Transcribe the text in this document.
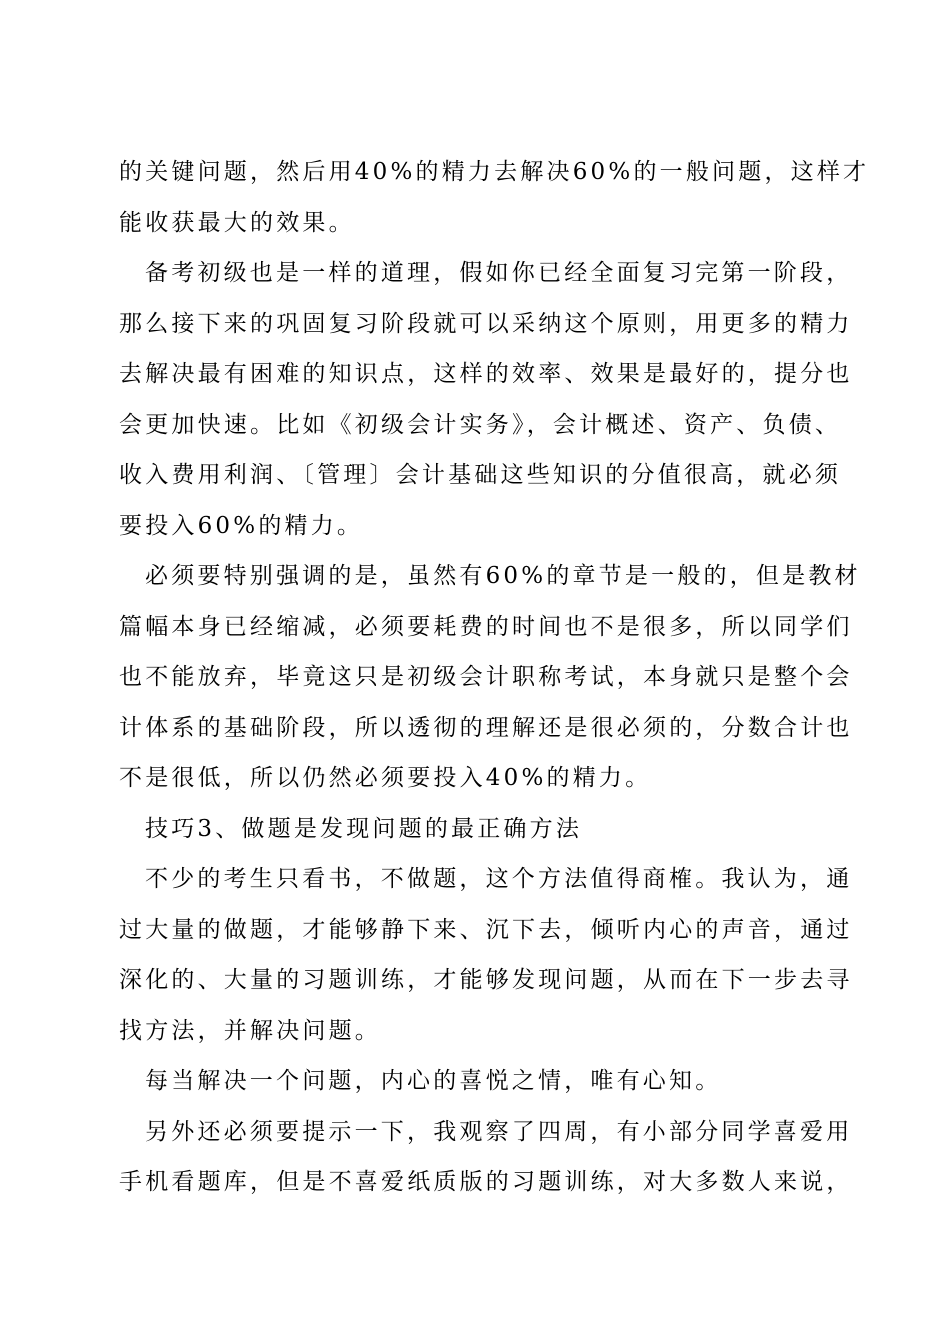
的关键问题，然后用40%的精力去解决60%的一般问题，这样才
能收获最大的效果。
备考初级也是一样的道理，假如你已经全面复习完第一阶段，
那么接下来的巩固复习阶段就可以采纳这个原则，用更多的精力
去解决最有困难的知识点，这样的效率、效果是最好的，提分也
会更加快速。比如《初级会计实务》，会计概述、资产、负债、
收入费用利润、〔管理〕会计基础这些知识的分值很高，就必须
要投入60%的精力。
必须要特别强调的是，虽然有60%的章节是一般的，但是教材
篇幅本身已经缩减，必须要耗费的时间也不是很多，所以同学们
也不能放弃，毕竟这只是初级会计职称考试，本身就只是整个会
计体系的基础阶段，所以透彻的理解还是很必须的，分数合计也
不是很低，所以仍然必须要投入40%的精力。
技巧3、做题是发现问题的最正确方法
不少的考生只看书，不做题，这个方法值得商榷。我认为，通
过大量的做题，才能够静下来、沉下去，倾听内心的声音，通过
深化的、大量的习题训练，才能够发现问题，从而在下一步去寻
找方法，并解决问题。
每当解决一个问题，内心的喜悦之情，唯有心知。
另外还必须要提示一下，我观察了四周，有小部分同学喜爱用
手机看题库，但是不喜爱纸质版的习题训练，对大多数人来说，
